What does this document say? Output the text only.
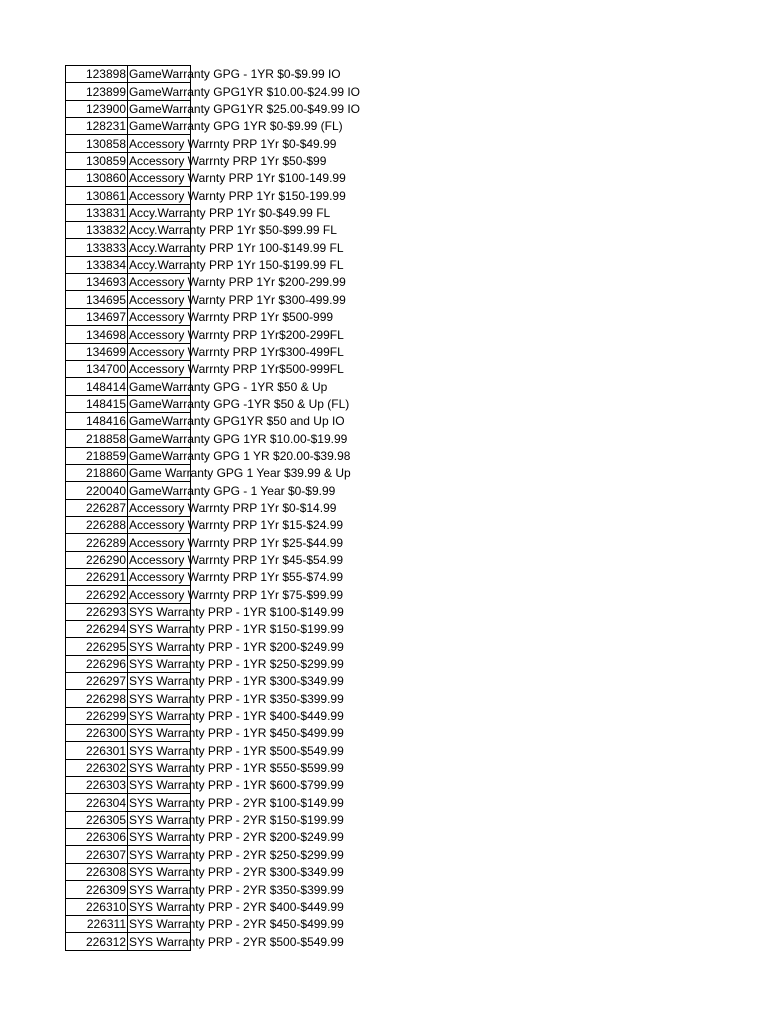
123898	GameWarranty GPG - 1YR $0-$9.99 IO
123899	GameWarranty GPG1YR $10.00-$24.99 IO
123900	GameWarranty GPG1YR $25.00-$49.99 IO
128231	GameWarranty GPG 1YR $0-$9.99 (FL)
130858	Accessory Warrnty PRP 1Yr $0-$49.99
130859	Accessory Warrnty PRP 1Yr $50-$99
130860	Accessory Warnty PRP 1Yr $100-149.99
130861	Accessory Warnty PRP 1Yr $150-199.99
133831	Accy.Warranty PRP 1Yr $0-$49.99 FL
133832	Accy.Warranty PRP 1Yr $50-$99.99 FL
133833	Accy.Warranty PRP 1Yr 100-$149.99 FL
133834	Accy.Warranty PRP 1Yr 150-$199.99 FL
134693	Accessory Warnty PRP 1Yr $200-299.99
134695	Accessory Warnty PRP 1Yr $300-499.99
134697	Accessory Warrnty PRP 1Yr $500-999
134698	Accessory Warrnty PRP 1Yr$200-299FL
134699	Accessory Warrnty PRP 1Yr$300-499FL
134700	Accessory Warrnty PRP 1Yr$500-999FL
148414	GameWarranty GPG - 1YR $50 & Up
148415	GameWarranty GPG -1YR $50 & Up (FL)
148416	GameWarranty GPG1YR $50 and Up IO
218858	GameWarranty GPG 1YR $10.00-$19.99
218859	GameWarranty GPG 1 YR $20.00-$39.98
218860	Game Warranty GPG 1 Year $39.99 & Up
220040	GameWarranty GPG - 1 Year $0-$9.99
226287	Accessory Warrnty PRP 1Yr $0-$14.99
226288	Accessory Warrnty PRP 1Yr $15-$24.99
226289	Accessory Warrnty PRP 1Yr $25-$44.99
226290	Accessory Warrnty PRP 1Yr $45-$54.99
226291	Accessory Warrnty PRP 1Yr $55-$74.99
226292	Accessory Warrnty PRP 1Yr $75-$99.99
226293	SYS Warranty PRP - 1YR $100-$149.99
226294	SYS Warranty PRP - 1YR $150-$199.99
226295	SYS Warranty PRP - 1YR $200-$249.99
226296	SYS Warranty PRP - 1YR $250-$299.99
226297	SYS Warranty PRP - 1YR $300-$349.99
226298	SYS Warranty PRP - 1YR $350-$399.99
226299	SYS Warranty PRP - 1YR $400-$449.99
226300	SYS Warranty PRP - 1YR $450-$499.99
226301	SYS Warranty PRP - 1YR $500-$549.99
226302	SYS Warranty PRP - 1YR $550-$599.99
226303	SYS Warranty PRP - 1YR $600-$799.99
226304	SYS Warranty PRP - 2YR $100-$149.99
226305	SYS Warranty PRP - 2YR $150-$199.99
226306	SYS Warranty PRP - 2YR $200-$249.99
226307	SYS Warranty PRP - 2YR $250-$299.99
226308	SYS Warranty PRP - 2YR $300-$349.99
226309	SYS Warranty PRP - 2YR $350-$399.99
226310	SYS Warranty PRP - 2YR $400-$449.99
226311	SYS Warranty PRP - 2YR $450-$499.99
226312	SYS Warranty PRP - 2YR $500-$549.99
